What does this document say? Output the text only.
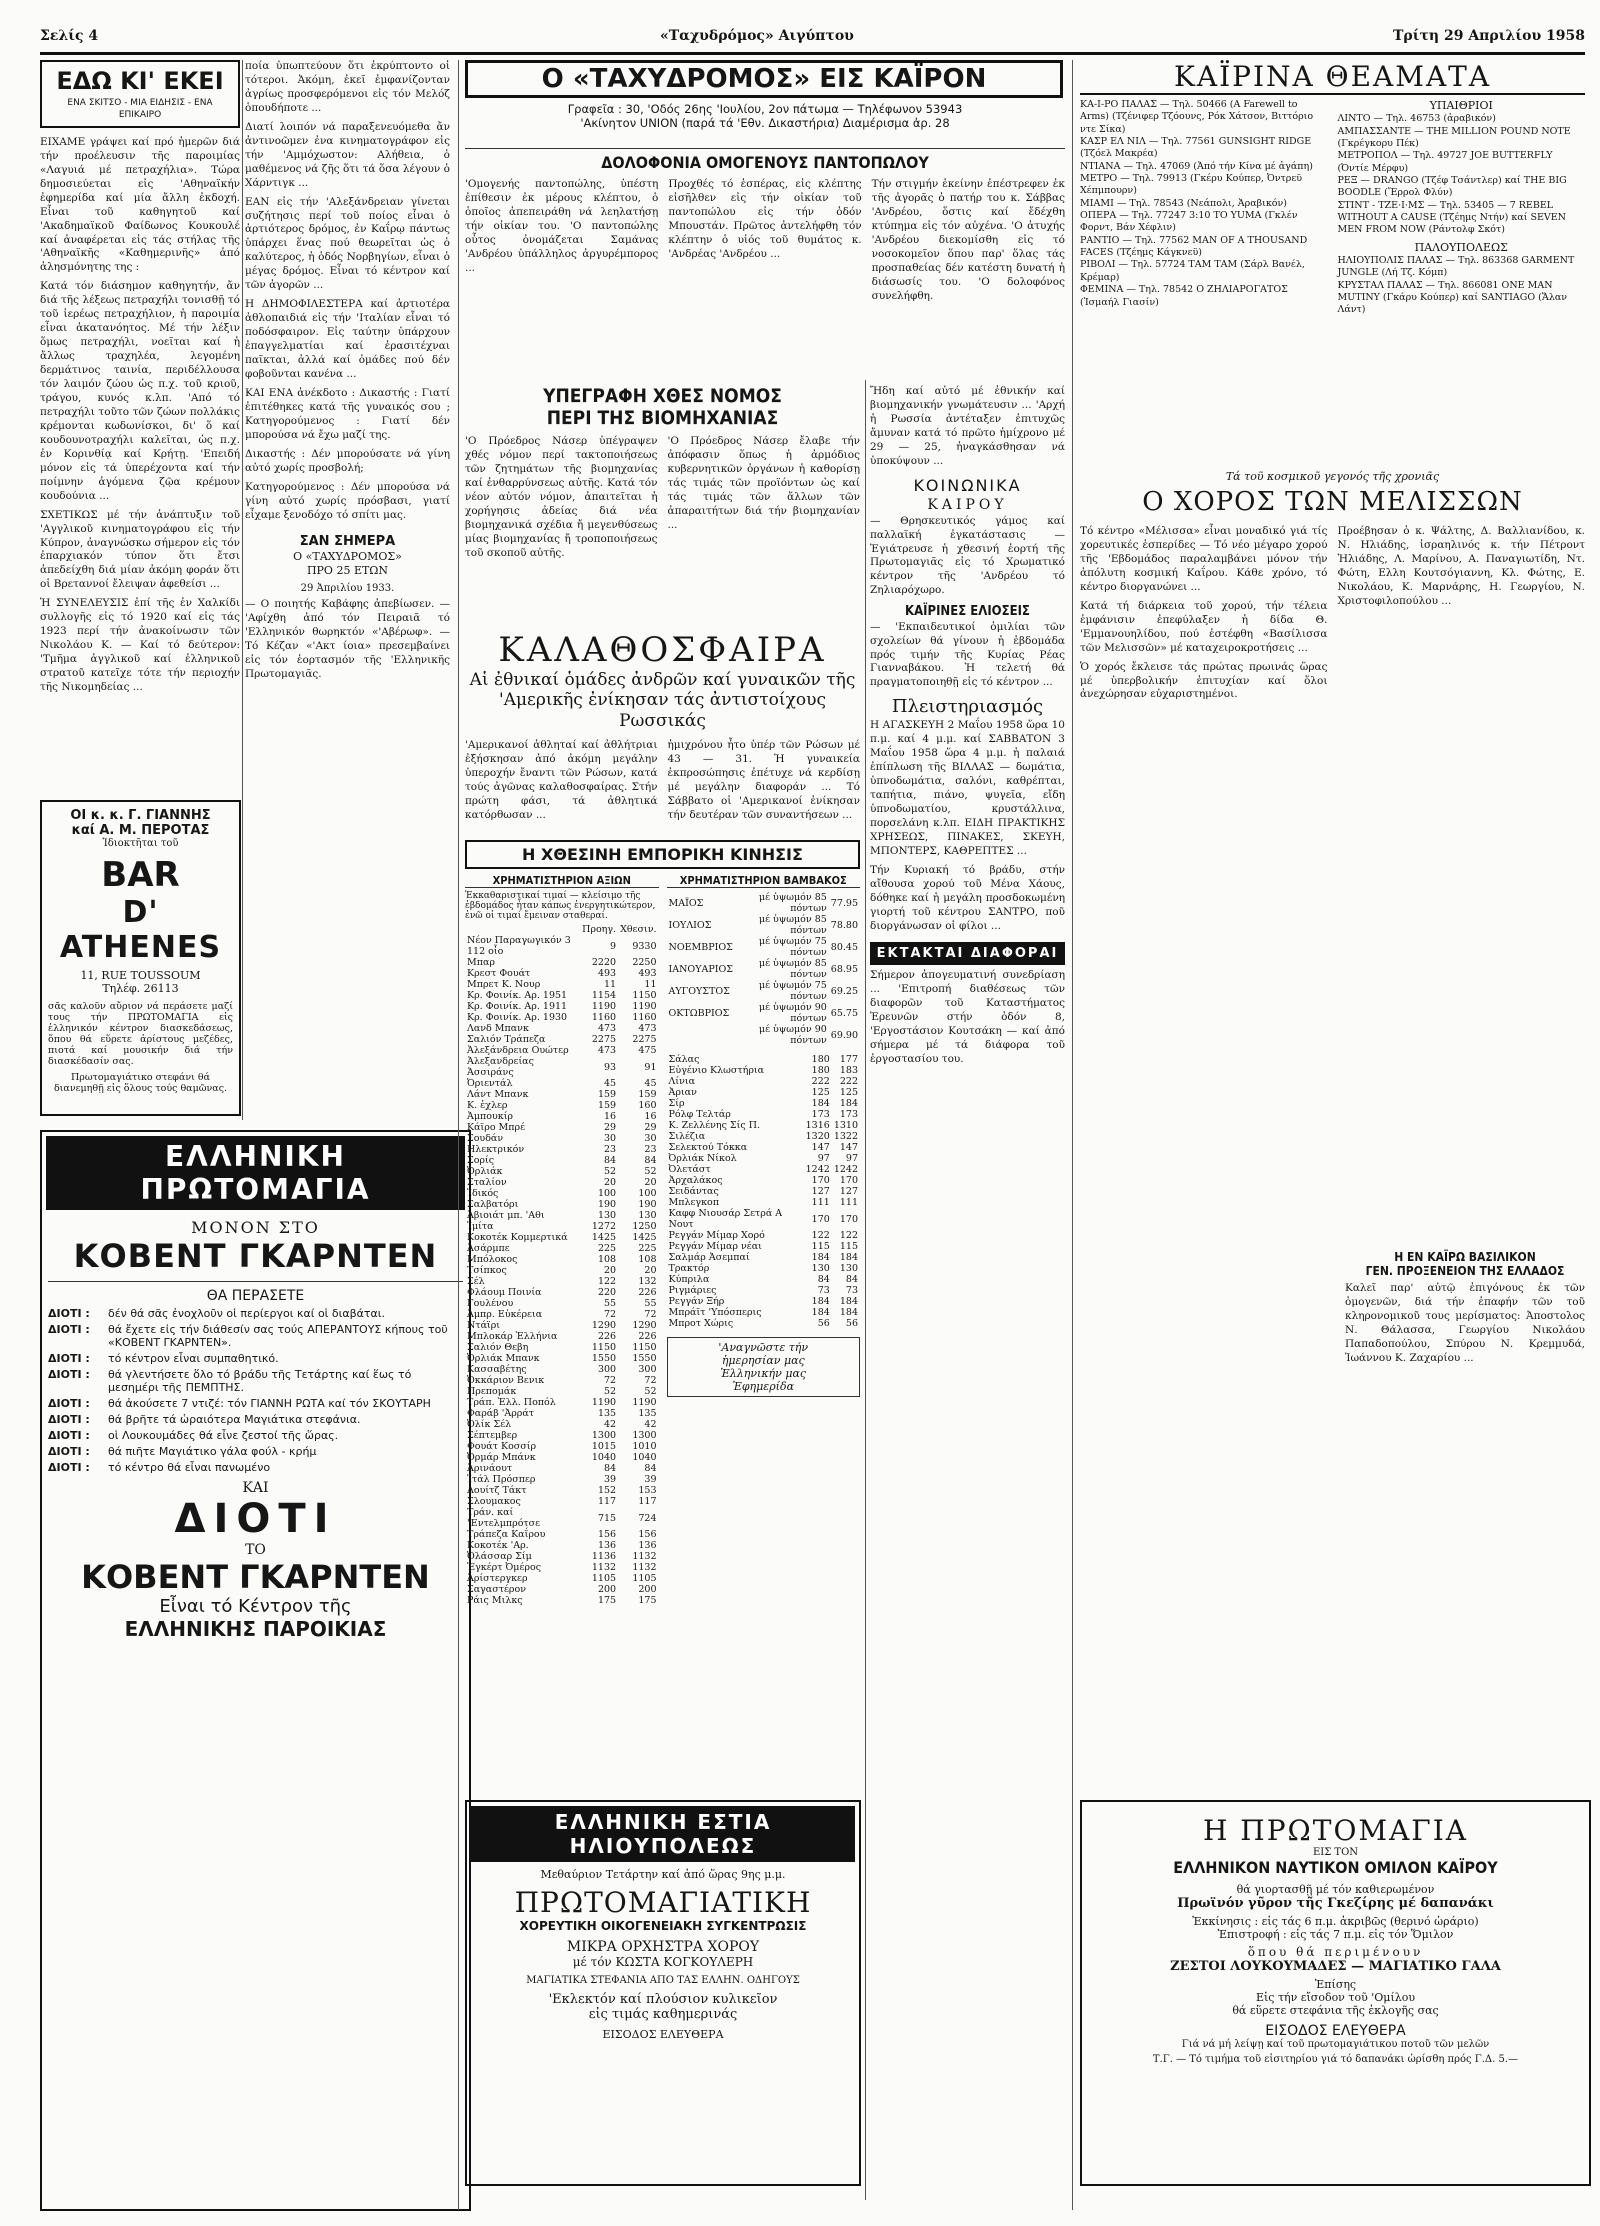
Σελίς 4	«Ταχυδρόμος» Αιγύπτου	Τρίτη 29 Απριλίου 1958
ΕΔΩ ΚΙ' ΕΚΕΙ
ΕΝΑ ΣΚΙΤΣΟ - ΜΙΑ ΕΙΔΗΣΙΣ - ΕΝΑ ΕΠΙΚΑΙΡΟ

ΕΙΧΑΜΕ γράψει καί πρό ἡμερῶν διά τήν προέλευσιν τῆς παροιμίας «Λαγυιά μέ πετραχήλια». Τώρα δημοσιεύεται εἰς 'Αθηναϊκήν ἐφημερίδα καί μία ἄλλη ἐκδοχή. Εἶναι τοῦ καθηγητοῦ καί 'Ακαδημαϊκοῦ Φαίδωνος Κουκουλέ καί ἀναφέρεται εἰς τάς στήλας τῆς 'Αθηναϊκῆς «Καθημερινῆς» ἀπό ἀλησμόνητης της :

Κατά τόν διάσημον καθηγητήν, ἄν διά τῆς λέξεως πετραχήλι τονισθῇ τό τοῦ ἱερέως πετραχήλιον, ἡ παροιμία εἶναι ἀκατανόητος. Μέ τήν λέξιν ὅμως πετραχήλι, νοεῖται καί ἡ ἄλλως τραχηλέα, λεγομένη δερμάτινος ταινία, περιδέλλουσα τόν λαιμόν ζώου ὡς π.χ. τοῦ κριοῦ, τράγου, κυνός κ.λπ. 'Από τό πετραχήλι τοῦτο τῶν ζώων πολλάκις κρέμονται κωδωνίσκοι, δι' ὅ καί κουδουνοτραχήλι καλεῖται, ὡς π.χ. ἐν Κορινθίᾳ καί Κρήτῃ. 'Επειδή μόνον εἰς τά ὑπερέχοντα καί τήν ποίμνην ἀγόμενα ζῷα κρέμουν κουδούνια ...

ΣΧΕΤΙΚΩΣ μέ τήν ἀνάπτυξιν τοῦ 'Αγγλικοῦ κινηματογράφου εἰς τήν Κύπρον, ἀναγνώσκω σήμερον εἰς τόν ἐπαρχιακόν τύπον ὅτι ἔτσι ἀπεδείχθη διά μίαν ἀκόμη φοράν ὅτι οἱ Βρεταννοί ἔλειψαν ἀφεθείσι ...

Ἡ ΣΥΝΕΛΕΥΣΙΣ ἐπί τῆς ἐν Χαλκίδι συλλογῆς εἰς τό 1920 καί εἰς τάς 1923 περί τήν ἀνακοίνωσιν τῶν Νικολάου Κ. — Καί τό δεύτερον: 'Τμῆμα ἀγγλικοῦ καί ἐλληνικοῦ στρατοῦ κατεῖχε τότε τήν περιοχήν τῆς Νικομηδείας ...

ΟΙ κ. κ. Γ. ΓΙΑΝΝΗΣ
καί Α. Μ. ΠΕΡΟΤΑΣ
Ἰδιοκτῆται τοῦ
BAR
D' ATHENES
11, RUE TOUSSOUM
Τηλέφ. 26113
σᾶς καλοῦν αὔριον νά περάσετε μαζί τους τήν ΠΡΩΤΟΜΑΓΙΑ εἰς ἑλληνικόν κέντρον διασκεδάσεως, ὅπου θά εὕρετε ἀρίστους μεζέδες, πιοτά καί μουσικήν διά τήν διασκέδασίν σας.
Πρωτομαγιάτικο στεφάνι θά διανεμηθῇ εἰς ὅλους τούς θαμῶνας.
ΕΛΛΗΝΙΚΗ ΠΡΩΤΟΜΑΓΙΑ
ΜΟΝΟΝ ΣΤΟ
ΚΟΒΕΝΤ ΓΚΑΡΝΤΕΝ
ΘΑ ΠΕΡΑΣΕΤΕ
ΔΙΟΤΙ :	δέν θά σᾶς ἐνοχλοῦν οἱ περίεργοι καί οἱ διαβάται.
ΔΙΟΤΙ :	θά ἔχετε εἰς τήν διάθεσίν σας τούς ΑΠΕΡΑΝΤΟΥΣ κήπους τοῦ «ΚΟΒΕΝΤ ΓΚΑΡΝΤΕΝ».
ΔΙΟΤΙ :	τό κέντρον εἶναι συμπαθητικό.
ΔΙΟΤΙ :	θά γλεντήσετε ὅλο τό βράδυ τῆς Τετάρτης καί ἕως τό μεσημέρι τῆς ΠΕΜΠΤΗΣ.
ΔΙΟΤΙ :	θά ἀκούσετε 7 ντιζέ: τόν ΓΙΑΝΝΗ ΡΩΤΑ καί τόν ΣΚΟΥΤΑΡΗ
ΔΙΟΤΙ :	θά βρῆτε τά ὡραιότερα Μαγιάτικα στεφάνια.
ΔΙΟΤΙ :	οἱ Λουκουμάδες θά εἶνε ζεστοί τῆς ὥρας.
ΔΙΟΤΙ :	θά πιῆτε Μαγιάτικο γάλα φούλ - κρήμ
ΔΙΟΤΙ :	τό κέντρο θά εἶναι πανωμένο
ΚΑΙ
ΔΙΟΤΙ
ΤΟ
ΚΟΒΕΝΤ ΓΚΑΡΝΤΕΝ
Εἶναι τό Κέντρον τῆς
ΕΛΛΗΝΙΚΗΣ ΠΑΡΟΙΚΙΑΣ

ποία ὑπωπτεύουν ὅτι ἐκρύπτοντο οἱ τότεροι. Ἀκόμη, ἐκεῖ ἐμφανίζονταν ἀγρίως προσφερόμενοι εἰς τόν Μελόζ ὁπουδήποτε ...

Διατί λοιπόν νά παραξενευόμεθα ἄν ἀντινοῶμεν ἐνα κινηματογράφον εἰς τήν 'Αμμόχωστον: Αλήθεια, ὁ μαθέμενος νά ζῆς ὅτι τά ὅσα λέγουν ὁ Χάρντιγκ ...

ΕΑΝ εἰς τήν 'Αλεξάνδρειαν γίνεται συζήτησις περί τοῦ ποίος εἶναι ὁ ἀρτιότερος δρόμος, ἐν Καΐρῳ πάντως ὑπάρχει ἕνας πού θεωρεῖται ὡς ὁ καλύτερος, ἡ ὁδός Νορβηγίων, εἶναι ὁ μέγας δρόμος. Εἶναι τό κέντρον καί τῶν ἀγορῶν ...

Η ΔΗΜΟΦΙΛΕΣΤΕΡΑ καί ἀρτιοτέρα ἀθλοπαιδιά εἰς τήν 'Ιταλίαν εἶναι τό ποδόσφαιρον. Εἰς ταύτην ὑπάρχουν ἐπαγγελματίαι καί ἐρασιτέχναι παῖκται, ἀλλά καί ὁμάδες πού δέν φοβοῦνται κανένα ...

ΚΑΙ ΕΝΑ ἀνέκδοτο : Δικαστής : Γιατί ἐπιτέθηκες κατά τῆς γυναικός σου ; Κατηγορούμενος : Γιατί δέν μπορούσα νά ἔχω μαζί της.

Δικαστής : Δέν μπορούσατε νά γίνη αὐτό χωρίς προσβολή;

Κατηγορούμενος : Δέν μπορούσα νά γίνη αὐτό χωρίς πρόσβασι, γιατί εἶχαμε ξενοδόχο τό σπίτι μας.

ΣΑΝ ΣΗΜΕΡΑ
Ο «ΤΑΧΥΔΡΟΜΟΣ»
ΠΡΟ 25 ΕΤΩΝ
29 Ἀπριλίου 1933.

— Ο ποιητής Καβάφης ἀπεβίωσεν. — 'Αφίχθη ἀπό τόν Πειραιᾶ τό 'Ελληνικόν θωρηκτόν «'Αβέρωφ». — Τό Κέζαν «'Ακτ ίοια» πρεσεμβαίνει εἰς τόν ἑορτασμόν τῆς 'Ελληνικῆς Πρωτομαγιᾶς.

Ο «ΤΑΧΥΔΡΟΜΟΣ» ΕΙΣ ΚΑΪΡΟΝ
Γραφεῖα : 30, 'Οδός 26ης 'Ιουλίου, 2ον πάτωμα — Τηλέφωνον 53943
'Ακίνητον UNION (παρά τά 'Εθν. Δικαστήρια) Διαμέρισμα ἀρ. 28
ΔΟΛΟΦΟΝΙΑ ΟΜΟΓΕΝΟΥΣ ΠΑΝΤΟΠΩΛΟΥ

'Ομογενής παντοπώλης, ὑπέστη ἐπίθεσιν ἐκ μέρους κλέπτου, ὁ ὁποῖος ἀπεπειράθη νά λεηλατήσῃ τήν οἰκίαν του. 'Ο παντοπώλης οὗτος ὀνομάζεται Σαμάνας 'Ανδρέου ὑπάλληλος ἀργυρέμπορος ...

Προχθές τό ἑσπέρας, εἰς κλέπτης εἰσῆλθεν εἰς τήν οἰκίαν τοῦ παντοπώλου εἰς τήν ὁδόν Μπουστάν. Πρῶτος ἀντελήφθη τόν κλέπτην ὁ υἱός τοῦ θυμάτος κ. 'Ανδρέας 'Ανδρέου ...

Τήν στιγμήν ἐκείνην ἐπέστρεφεν ἐκ τῆς ἀγορᾶς ὁ πατήρ του κ. Σάββας 'Ανδρέου, ὅστις καί ἔδέχθη κτύπημα εἰς τόν αὐχένα. 'Ο ἀτυχής 'Ανδρέου διεκομίσθη εἰς τό νοσοκομεῖον ὅπου παρ' ὅλας τάς προσπαθείας δέν κατέστη δυνατή ἡ διάσωσίς του. 'Ο δολοφόνος συνελήφθη.

ΥΠΕΓΡΑΦΗ ΧΘΕΣ ΝΟΜΟΣ
ΠΕΡΙ ΤΗΣ ΒΙΟΜΗΧΑΝΙΑΣ

'Ο Πρόεδρος Νάσερ ὑπέγραψεν χθές νόμον περί τακτοποιήσεως τῶν ζητημάτων τῆς βιομηχανίας καί ἐνθαρρύνσεως αὐτῆς. Κατά τόν νέον αὐτόν νόμον, ἀπαιτεῖται ἡ χορήγησις ἀδείας διά νέα βιομηχανικά σχέδια ἤ μεγενθύσεως μίας βιομηχανίας ἤ τροποποιήσεως τοῦ σκοποῦ αὐτῆς.

'Ο Πρόεδρος Νάσερ ἔλαβε τήν ἀπόφασιν ὅπως ἡ ἀρμόδιος κυβερνητικῶν ὀργάνων ἡ καθορίσῃ τάς τιμάς τῶν προϊόντων ὡς καί τάς τιμάς τῶν ἄλλων τῶν ἀπαραιτήτων διά τήν βιομηχανίαν ...

ΚΑΛΑΘΟΣΦΑΙΡΑ
Αἱ ἐθνικαί ὁμάδες ἀνδρῶν καί γυναικῶν τῆς 'Αμερικῆς ἐνίκησαν τάς ἀντιστοίχους Ρωσσικάς

'Αμερικανοί ἀθληταί καί ἀθλήτριαι ἐξήσκησαν ἀπό ἀκόμη μεγάλην ὑπεροχήν ἔναντι τῶν Ρώσων, κατά τούς ἀγῶνας καλαθοσφαίρας. Στήν πρώτη φάσι, τά ἀθλητικά κατόρθωσαν ...

ἡμιχρόνου ἦτο ὑπέρ τῶν Ρώσων μέ 43 — 31. Ἡ γυναικεία ἐκπροσώπησις ἐπέτυχε νά κερδίσῃ μέ μεγάλην διαφοράν ... Τό Σάββατο οἱ 'Αμερικανοί ἐνίκησαν τήν δευτέραν τῶν συναντήσεων ...

Η ΧΘΕΣΙΝΗ ΕΜΠΟΡΙΚΗ ΚΙΝΗΣΙΣ
ΧΡΗΜΑΤΙΣΤΗΡΙΟΝ ΑΞΙΩΝ

Ἑκκαθαριστικαί τιμαί — κλείσιμο τῆς ἐβδομάδος ἦταν κάπως ἐνεργητικώτερον, ἐνῶ οἱ τιμαί ἔμειναν σταθεραί.

	Προηγ.	Χθεσιν.
Νέον Παραγωγικόν 3 112 οἶο	9	9330
Μπαρ	2220	2250
Κρεστ Φουάτ	493	493
Μπρετ Κ. Νουρ	11	11
Κρ. Φοινίκ. Αρ. 1951	1154	1150
Κρ. Φοινίκ. Αρ. 1911	1190	1190
Κρ. Φοινίκ. Αρ. 1930	1160	1160
Λανδ Μπανκ	473	473
Σαλιόν Τράπεζα	2275	2275
Ἀλεξάνδρεια Ουώτερ	473	475
Ἀλεξανδρείας Ἀσσιράνς	93	91
Ὀριεντάλ	45	45
Λάντ Μπανκ	159	159
Κ. ἐχλερ	159	160
Ἀμπουκίρ	16	16
Κάϊρο Μπρέ	29	29
Σουδάν	30	30
Ηλεκτρικόν	23	23
Σορίς	84	84
Ὀρλιάκ	52	52
Σταλίον	20	20
Ἰδικός	100	100
Σαλβατόρι	190	190
Ἀβιοιάτ μπ. 'Αθι	130	130
Ἰμίτα	1272	1250
Κοκοτέκ Κομμερτικά	1425	1425
Ἀσάρμπε	225	225
Μπόλοκος	108	108
Τσίπκος	20	20
Σέλ	122	132
Φλάουμ Ποινία	220	226
Γουλένου	55	55
Ἀμπρ. Εὐκέρεια	72	72
Ντάϊρι	1290	1290
Μπλοκάρ Ἐλλήνια	226	226
Σαλιόν Θεβη	1150	1150
Ὀρλιάκ Μπανκ	1550	1550
Κασσαβέτης	300	300
Ὀκκάριον Βενικ	72	72
Πρεπομάκ	52	52
Τράπ. Ἐλλ. Ποπόλ	1190	1190
Φαράβ 'Ἀρράτ	135	135
Ὀλίκ Σέλ	42	42
Σέπτεμβερ	1300	1300
Φουάτ Κοσσίρ	1015	1010
Ὀρμάρ Μπάνκ	1040	1040
Ἀρινάουτ	84	84
Ἰτάλ Πρόσπερ	39	39
Λουίτζ Τάκτ	152	153
Σλουμακος	117	117
Τράν. καί 'Ἐντελμπρότσε	715	724
Τράπεζα Καΐρου	156	156
Κοκοτέκ 'Αρ.	136	136
Ὀλάσσαρ Σίμ	1136	1132
Ἐγκέρτ Ὀμέρος	1132	1132
Ἀρίστεργκερ	1105	1105
Σαγαστέρον	200	200
Ράις Μιλκς	175	175
ΧΡΗΜΑΤΙΣΤΗΡΙΟΝ ΒΑΜΒΑΚΟΣ
ΜΑΪΟΣ	μέ ὑψωμόν 85 πόντων	77.95
ΙΟΥΛΙΟΣ	μέ ὑψωμόν 85 πόντων	78.80
ΝΟΕΜΒΡΙΟΣ	μέ ὑψωμόν 75 πόντων	80.45
ΙΑΝΟΥΑΡΙΟΣ	μέ ὑψωμόν 85 πόντων	68.95
ΑΥΓΟΥΣΤΟΣ	μέ ὑψωμόν 75 πόντων	69.25
ΟΚΤΩΒΡΙΟΣ	μέ ὑψωμόν 90 πόντων	65.75
	μέ ὑψωμόν 90 πόντων	69.90
Σάλας	180	177
Εὐγένιο Κλωστήρια	180	183
Λίνια	222	222
Ἀριαν	125	125
Σίρ	184	184
Ρόλφ Τελτάρ	173	173
Κ. Ζελλένης Σίς Π.	1316	1310
Σιλέζια	1320	1322
Σελεκτού Τόκκα	147	147
Ὀρλιάκ Νίκολ	97	97
Ὀλετάστ	1242	1242
Ἀρχαλάκος	170	170
Σειδάντας	127	127
Μπλεγκοπ	111	111
Καφφ Νιουσάρ Σετρά Α Νουτ	170	170
Ρεγγάν Μίμαρ Χορό	122	122
Ρεγγάν Μίμαρ νέαι	115	115
Σαλμάρ Ἀσεμπαί	184	184
Τρακτόρ	130	130
Κύπριλα	84	84
Ριγμάριες	73	73
Ρεγγάν Ξήρ	184	184
Μπράϊτ 'Υπόσπερις	184	184
Μπροτ Χώρις	56	56
'Αναγνῶστε τήν
ἡμερησίαν μας
Ἐλληνικήν μας
Ἐφημερίδα
ΕΛΛΗΝΙΚΗ ΕΣΤΙΑ ΗΛΙΟΥΠΟΛΕΩΣ
Μεθαύριον Τετάρτην καί ἀπό ὥρας 9ης μ.μ.
ΠΡΩΤΟΜΑΓΙΑΤΙΚΗ
ΧΟΡΕΥΤΙΚΗ ΟΙΚΟΓΕΝΕΙΑΚΗ ΣΥΓΚΕΝΤΡΩΣΙΣ
ΜΙΚΡΑ ΟΡΧΗΣΤΡΑ ΧΟΡΟΥ
μέ τόν ΚΩΣΤΑ ΚΟΓΚΟΥΛΕΡΗ
ΜΑΓΙΑΤΙΚΑ ΣΤΕΦΑΝΙΑ ΑΠΟ ΤΑΣ ΕΛΛΗΝ. ΟΔΗΓΟΥΣ
'Εκλεκτόν καί πλούσιον κυλικεῖον
εἰς τιμάς καθημερινάς
ΕΙΣΟΔΟΣ ΕΛΕΥΘΕΡΑ

Ἤδη καί αὐτό μέ ἐθνικήν καί βιομηχανικήν γνωμάτευσιν ... 'Αρχή ἡ Ρωσσία ἀντέταξεν ἐπιτυχῶς ἄμυναν κατά τό πρῶτο ἡμίχρονο μέ 29 — 25, ἠναγκάσθησαν νά ὑποκύψουν ...

ΚΟΙΝΩΝΙΚΑ
ΚΑΙΡΟΥ

— Θρησκευτικός γάμος καί παλλαϊκή ἐγκατάστασις — Ἐγιάτρευσε ἡ χθεσινή ἑορτή τῆς Πρωτομαγιᾶς εἰς τό Χρωματικό κέντρον τῆς 'Ανδρέου τό Ζηλιαρόχωρο.

ΚΑΪΡΙΝΕΣ ΕΛΙΟΣΕΙΣ

— 'Εκπαιδευτικοί ὁμιλίαι τῶν σχολείων θά γίνουν ἡ ἑβδομάδα πρός τιμήν τῆς Κυρίας Ρέας Γιανναβάκου. Ἡ τελετή θά πραγματοποιηθῇ εἰς τό κέντρον ...

Πλειστηριασμός

Η ΑΓΑΣΚΕΥΗ 2 Μαΐου 1958 ὥρα 10 π.μ. καί 4 μ.μ. καί ΣΑΒΒΑΤΟΝ 3 Μαΐου 1958 ὥρα 4 μ.μ. ἡ παλαιά ἐπίπλωση τῆς ΒΙΛΛΑΣ — δωμάτια, ὑπνοδωμάτια, σαλόνι, καθρέπται, ταπήτια, πιάνο, ψυγεῖα, εἴδη ὑπνοδωματίου, κρυστάλλινα, πορσελάνη κ.λπ. ΕΙΔΗ ΠΡΑΚΤΙΚΗΣ ΧΡΗΣΕΩΣ, ΠΙΝΑΚΕΣ, ΣΚΕΥΗ, ΜΠΟΝΤΕΡΣ, ΚΑΘΡΕΠΤΕΣ ...

Τήν Κυριακή τό βράδυ, στήν αἴθουσα χορού τοῦ Μένα Χάους, δόθηκε καί ἡ μεγάλη προσδοκωμένη γιορτή τοῦ κέντρου ΣΑΝΤΡΟ, ποῦ διοργάνωσαν οἱ φίλοι ...

ΕΚΤΑΚΤΑΙ ΔΙΑΦΟΡΑΙ

Σήμερον ἀπογευματινή συνεδρίαση ... 'Επιτροπή διαθέσεως τῶν διαφορῶν τοῦ Καταστήματος Ἐρευνῶν στήν ὁδόν 8, 'Εργοστάσιον Κουτσάκη — καί ἀπό σήμερα μέ τά διάφορα τοῦ ἐργοστασίου του.

ΚΑΪΡΙΝΑ ΘΕΑΜΑΤΑ

ΚΑ-Ι-ΡΟ ΠΑΛΑΣ — Τηλ. 50466 (Α Farewell to Arms) (Τζένιφερ Τζόουνς, Ρόκ Χάτσον, Βιττόριο ντε Σίκα)

ΚΑΣΡ ΕΛ ΝΙΛ — Τηλ. 77561 GUNSIGHT RIDGE (Τζόελ Μακρέα)

ΝΤΙΑΝΑ — Τηλ. 47069 (Ἀπό τήν Κίνα μέ ἀγάπη)

ΜΕΤΡΟ — Τηλ. 79913 (Γκέρυ Κούπερ, Ὀντρεϋ Χέπμπουρν)

ΜΙΑΜΙ — Τηλ. 78543 (Νεάπολι, Ἀραβικόν)

ΟΠΕΡΑ — Τηλ. 77247 3:10 TO YUMA (Γκλέν Φορντ, Βάν Χέφλιν)

ΡΑΝΤΙΟ — Τηλ. 77562 MAN OF A THOUSAND FACES (Τζέημς Κάγκνεϋ)

ΡΙΒΟΛΙ — Τηλ. 57724 ΤΑΜ ΤΑΜ (Σάρλ Βανέλ, Κρέμαρ)

ΦΕΜΙΝΑ — Τηλ. 78542 Ο ΖΗΛΙΑΡΟΓΑΤΟΣ (Ἰσμαήλ Γιασίν)

ΥΠΑΙΘΡΙΟΙ

ΛΙΝΤΟ — Τηλ. 46753 (ἀραβικόν)

ΑΜΠΑΣΣΑΝΤΕ — THE MILLION POUND NOTE (Γκρέγκορυ Πέκ)

ΜΕΤΡΟΠΟΛ — Τηλ. 49727 JOE BUTTERFLY (Ὀντίε Μέρφυ)

ΡΕΞ — DRANGO (Τζέφ Τσάντλερ) καί THE BIG BOODLE (Ἔρρολ Φλύν)

ΣΤΙΝΤ - ΤΖΕ·Ι·ΜΣ — Τηλ. 53405 — 7 REBEL WITHOUT A CAUSE (Τζέημς Ντήν) καί SEVEN MEN FROM NOW (Ράντολφ Σκότ)

ΠΑΛΟΥΠΟΛΕΩΣ

ΗΛΙΟΥΠΟΛΙΣ ΠΑΛΑΣ — Τηλ. 863368 GARMENT JUNGLE (Λή Τζ. Κόμπ)

ΚΡΥΣΤΑΛ ΠΑΛΑΣ — Τηλ. 866081 ONE MAN MUTINY (Γκάρυ Κούπερ) καί SANTIAGO (Ἄλαν Λάντ)

Τά τοῦ κοσμικοῦ γεγονός τῆς χρονιᾶς
Ο ΧΟΡΟΣ ΤΩΝ ΜΕΛΙΣΣΩΝ

Τό κέντρο «Μέλισσα» εἶναι μοναδικό γιά τίς χορευτικές ἑσπερίδες — Τό νέο μέγαρο χορού τῆς 'Εβδομάδος παραλαμβάνει μόνον τήν ἀπόλυτη κοσμική Καΐρου. Κάθε χρόνο, τό κέντρο διοργανώνει ...

Κατά τή διάρκεια τοῦ χορού, τήν τέλεια ἐμφάνισιν ἐπεφύλαξεν ἡ δίδα Θ. 'Εμμανουηλίδου, πού ἐστέφθη «Βασίλισσα τῶν Μελισσῶν» μέ καταχειροκροτήσεις ...

Ὁ χορός ἔκλεισε τάς πρώτας πρωινάς ὥρας μέ ὑπερβολικήν ἐπιτυχίαν καί ὅλοι ἀνεχώρησαν εὐχαριστημένοι.

Προέβησαν ὁ κ. Ψάλτης, Δ. Βαλλιανίδου, κ. Ν. Ηλιάδης, ἰσραηλινός κ. τήν Πέτροντ Ἠλιάδης, Λ. Μαρίνου, Α. Παναγιωτίδη, Ντ. Φώτη, Ελλη Κουτσόγιαννη, Κλ. Φώτης, Ε. Νικολάου, Κ. Μαρνάρης, Η. Γεωργίου, Ν. Χριστοφιλοπούλου ...

Η ΕΝ ΚΑΪΡΩ ΒΑΣΙΛΙΚΟΝ
ΓΕΝ. ΠΡΟΞΕΝΕΙΟΝ ΤΗΣ ΕΛΛΑΔΟΣ

Καλεῖ παρ' αὐτῷ ἐπιγόνους ἐκ τῶν ὁμογενῶν, διά τήν ἐπαφήν τῶν τοῦ κληρονομικοῦ τους μερίσματος: Ἀποστολος Ν. Θάλασσα, Γεωργίου Νικολάου Παπαδοπούλου, Σπύρου Ν. Κρεμμυδά, Ἰωάννου Κ. Ζαχαρίου ...

Η ΠΡΩΤΟΜΑΓΙΑ
ΕΙΣ ΤΟΝ
ΕΛΛΗΝΙΚΟΝ ΝΑΥΤΙΚΟΝ ΟΜΙΛΟΝ ΚΑΪΡΟΥ
θά γιορτασθῇ μέ τόν καθιερωμένον
Πρωϊνόν γῦρον τῆς Γκεζίρης μέ δαπανάκι
Ἐκκίνησις : εἰς τάς 6 π.μ. ἀκριβῶς (θερινό ὡράριο)
Ἐπιστροφή : εἰς τάς 7 π.μ. εἰς τόν Ὅμιλον
ὅπου θά περιμένουν
ΖΕΣΤΟΙ ΛΟΥΚΟΥΜΑΔΕΣ — ΜΑΓΙΑΤΙΚΟ ΓΑΛΑ
Ἐπίσης
Εἰς τήν εἴσοδον τοῦ 'Ομίλου
θά εὕρετε στεφάνια τῆς ἐκλογῆς σας
ΕΙΣΟΔΟΣ ΕΛΕΥΘΕΡΑ
Γιά νά μή λείψῃ καί τοῦ πρωτομαγιάτικου ποτοῦ τῶν μελῶν
Τ.Γ. — Τό τιμήμα τοῦ εἰσιτηρίου γιά τό δαπανάκι ὡρίσθη πρός Γ.Δ. 5.—
